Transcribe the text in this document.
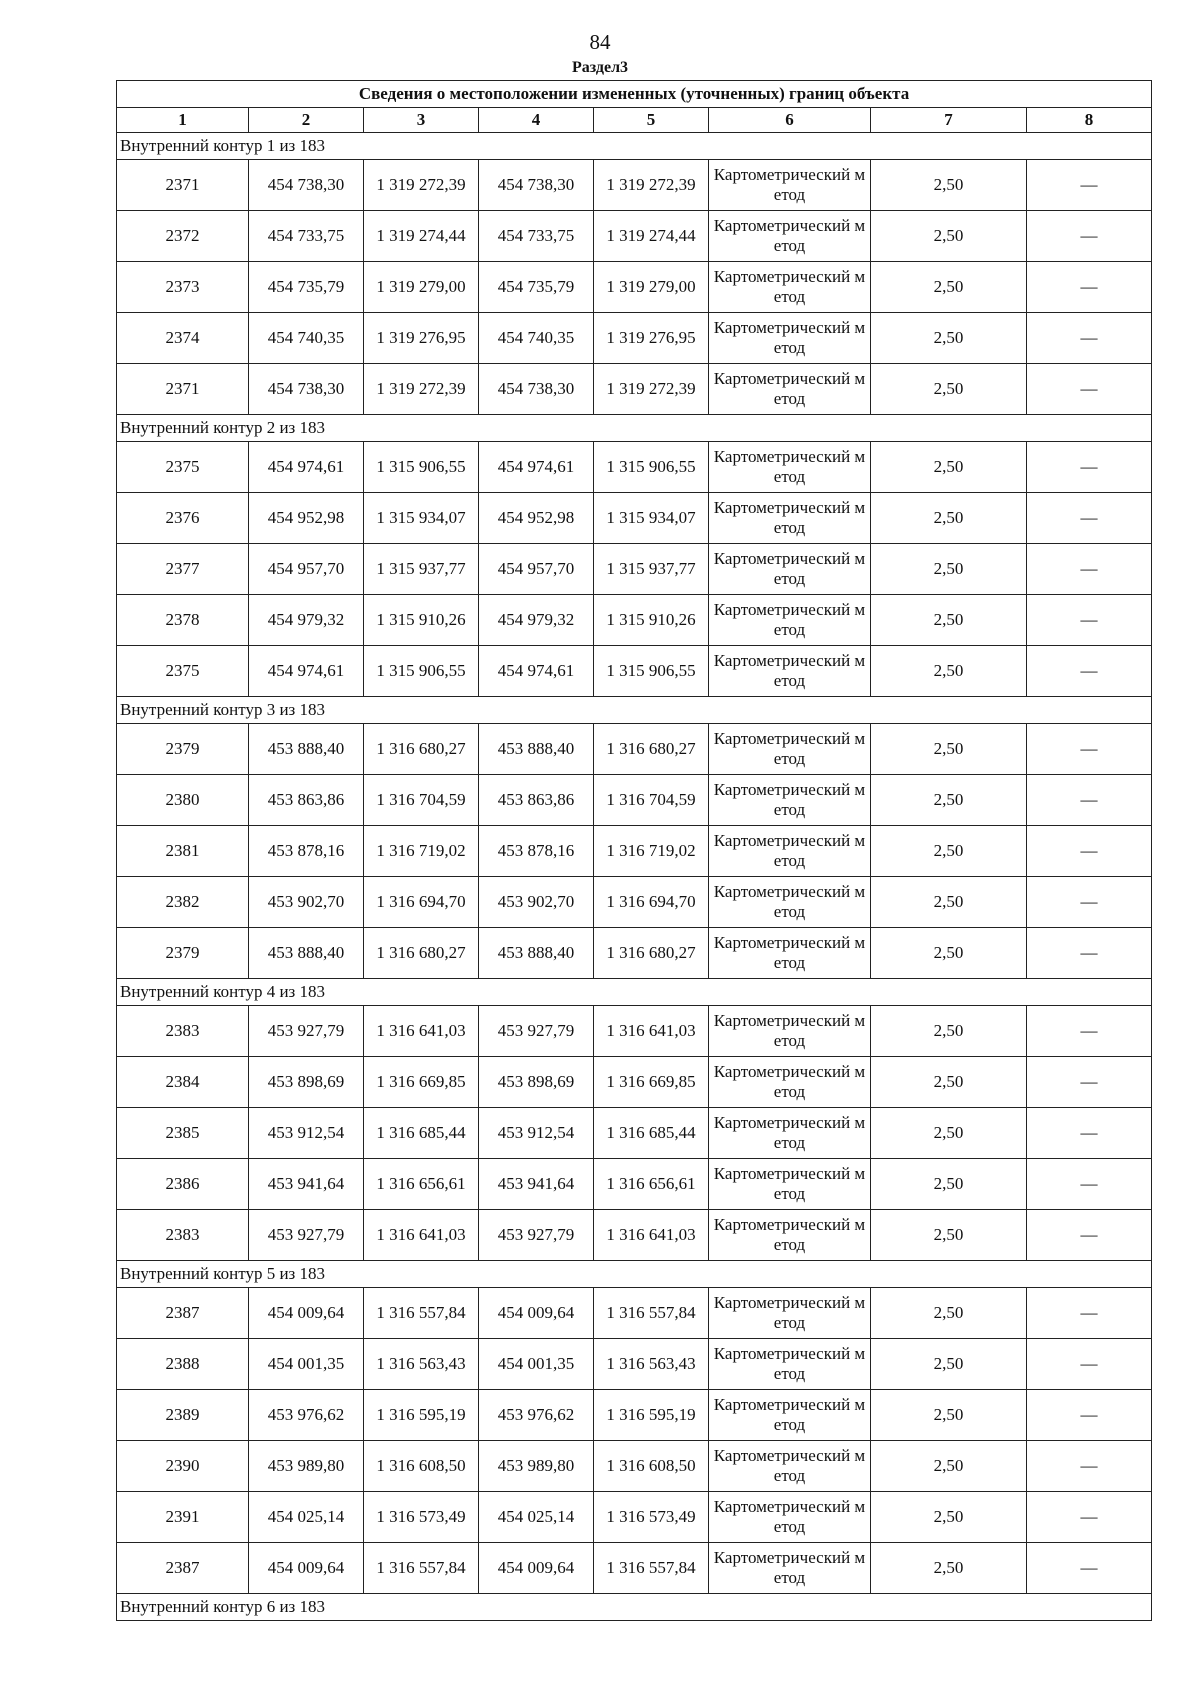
84
Раздел3
Сведения о местоположении измененных (уточненных) границ объекта							
1	2	3	4	5	6	7	8
Внутренний контур 1 из 183							
2371	454 738,30	1 319 272,39	454 738,30	1 319 272,39	Картометрический метод	2,50	—
2372	454 733,75	1 319 274,44	454 733,75	1 319 274,44	Картометрический метод	2,50	—
2373	454 735,79	1 319 279,00	454 735,79	1 319 279,00	Картометрический метод	2,50	—
2374	454 740,35	1 319 276,95	454 740,35	1 319 276,95	Картометрический метод	2,50	—
2371	454 738,30	1 319 272,39	454 738,30	1 319 272,39	Картометрический метод	2,50	—
Внутренний контур 2 из 183							
2375	454 974,61	1 315 906,55	454 974,61	1 315 906,55	Картометрический метод	2,50	—
2376	454 952,98	1 315 934,07	454 952,98	1 315 934,07	Картометрический метод	2,50	—
2377	454 957,70	1 315 937,77	454 957,70	1 315 937,77	Картометрический метод	2,50	—
2378	454 979,32	1 315 910,26	454 979,32	1 315 910,26	Картометрический метод	2,50	—
2375	454 974,61	1 315 906,55	454 974,61	1 315 906,55	Картометрический метод	2,50	—
Внутренний контур 3 из 183							
2379	453 888,40	1 316 680,27	453 888,40	1 316 680,27	Картометрический метод	2,50	—
2380	453 863,86	1 316 704,59	453 863,86	1 316 704,59	Картометрический метод	2,50	—
2381	453 878,16	1 316 719,02	453 878,16	1 316 719,02	Картометрический метод	2,50	—
2382	453 902,70	1 316 694,70	453 902,70	1 316 694,70	Картометрический метод	2,50	—
2379	453 888,40	1 316 680,27	453 888,40	1 316 680,27	Картометрический метод	2,50	—
Внутренний контур 4 из 183							
2383	453 927,79	1 316 641,03	453 927,79	1 316 641,03	Картометрический метод	2,50	—
2384	453 898,69	1 316 669,85	453 898,69	1 316 669,85	Картометрический метод	2,50	—
2385	453 912,54	1 316 685,44	453 912,54	1 316 685,44	Картометрический метод	2,50	—
2386	453 941,64	1 316 656,61	453 941,64	1 316 656,61	Картометрический метод	2,50	—
2383	453 927,79	1 316 641,03	453 927,79	1 316 641,03	Картометрический метод	2,50	—
Внутренний контур 5 из 183							
2387	454 009,64	1 316 557,84	454 009,64	1 316 557,84	Картометрический метод	2,50	—
2388	454 001,35	1 316 563,43	454 001,35	1 316 563,43	Картометрический метод	2,50	—
2389	453 976,62	1 316 595,19	453 976,62	1 316 595,19	Картометрический метод	2,50	—
2390	453 989,80	1 316 608,50	453 989,80	1 316 608,50	Картометрический метод	2,50	—
2391	454 025,14	1 316 573,49	454 025,14	1 316 573,49	Картометрический метод	2,50	—
2387	454 009,64	1 316 557,84	454 009,64	1 316 557,84	Картометрический метод	2,50	—
Внутренний контур 6 из 183							
